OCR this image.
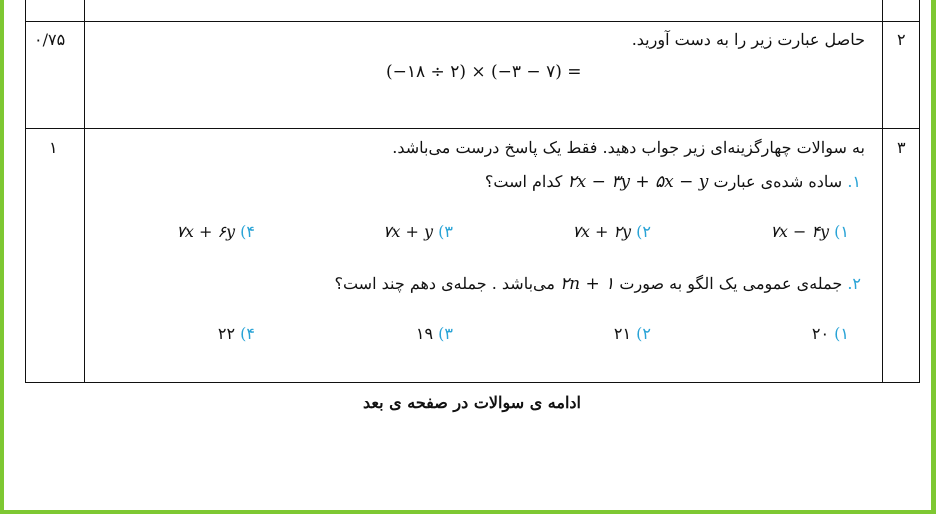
۲
۰/۷۵	حاصل عبارت زیر را به دست آورید.
(−۱۸ ÷ ۲) × (−۳ − ۷) =
۳
۱	به سوالات چهارگزینه‌ای زیر جواب دهید. فقط یک پاسخ درست می‌باشد.
۱. ساده شده‌ی عبارت ۲x − ۳y + ۵x − y کدام است؟
۱) ۷x − ۴y
۲) ۷x + ۲y
۳) ۷x + y
۴) ۷x + ۶y
۲. جمله‌ی عمومی یک الگو به صورت ۲n + ۱ می‌باشد . جمله‌ی دهم چند است؟
۱) ۲۰
۲) ۲۱
۳) ۱۹
۴) ۲۲
ادامه ی سوالات در صفحه ی بعد
